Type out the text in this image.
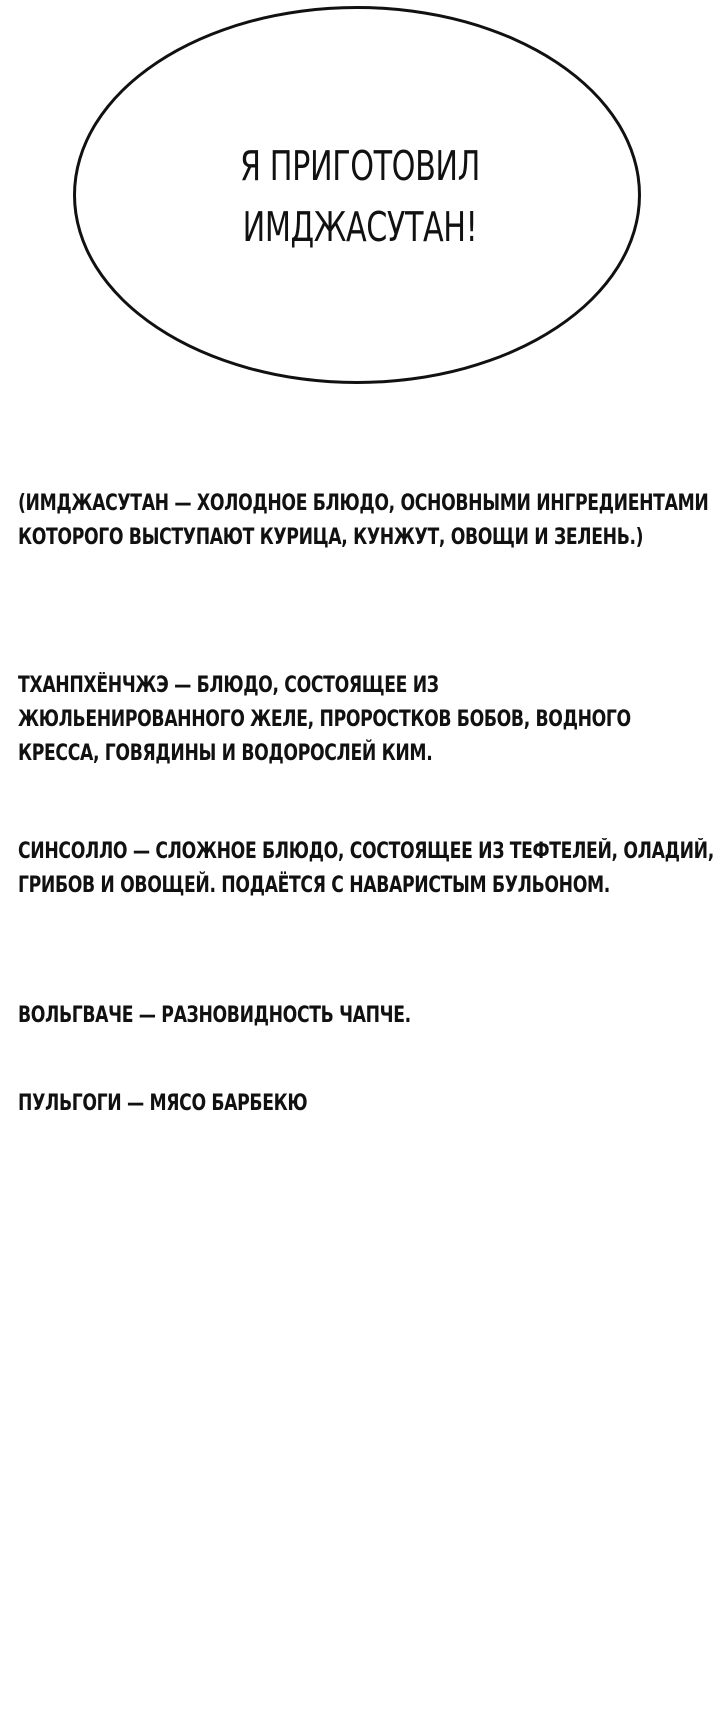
Я ПРИГОТОВИЛ
ИМДЖАСУТАН!
(ИМДЖАСУТАН — ХОЛОДНОЕ БЛЮДО, ОСНОВНЫМИ ИНГРЕДИЕНТАМИ
КОТОРОГО ВЫСТУПАЮТ КУРИЦА, КУНЖУТ, ОВОЩИ И ЗЕЛЕНЬ.)
ТХАНПХЁНЧЖЭ — БЛЮДО, СОСТОЯЩЕЕ ИЗ
ЖЮЛЬЕНИРОВАННОГО ЖЕЛЕ, ПРОРОСТКОВ БОБОВ, ВОДНОГО
КРЕССА, ГОВЯДИНЫ И ВОДОРОСЛЕЙ КИМ.
СИНСОЛЛО — СЛОЖНОЕ БЛЮДО, СОСТОЯЩЕЕ ИЗ ТЕФТЕЛЕЙ, ОЛАДИЙ,
ГРИБОВ И ОВОЩЕЙ. ПОДАЁТСЯ С НАВАРИСТЫМ БУЛЬОНОМ.
ВОЛЬГВАЧЕ — РАЗНОВИДНОСТЬ ЧАПЧЕ.
ПУЛЬГОГИ — МЯСО БАРБЕКЮ
